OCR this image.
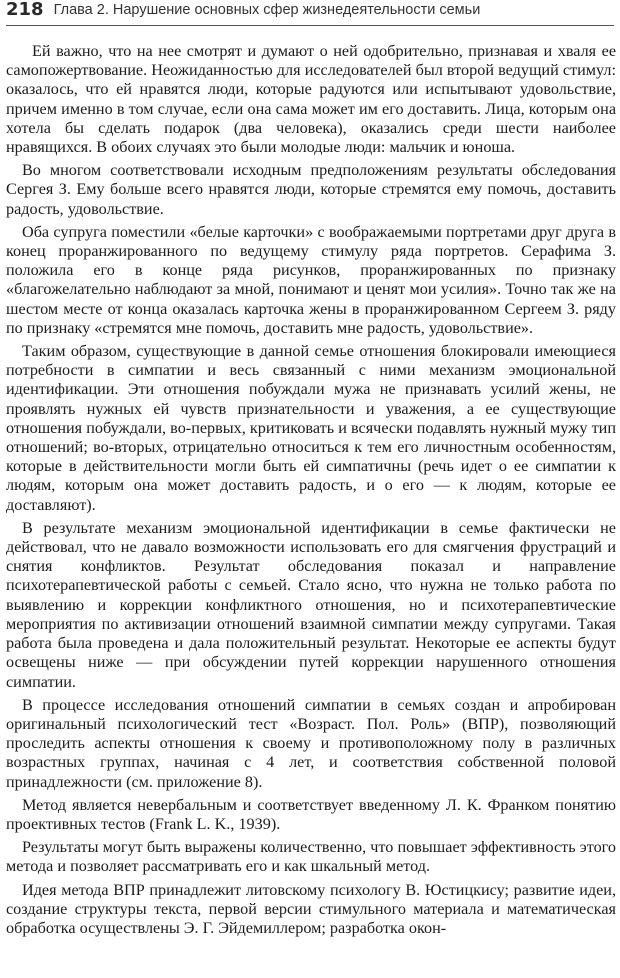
218 Глава 2. Нарушение основных сфер жизнедеятельности семьи

Ей важно, что на нее смотрят и думают о ней одобрительно, признавая и хваля ее самопожертвование. Неожиданностью для исследователей был второй ведущий стимул: оказалось, что ей нравятся люди, которые радуются или испытывают удовольствие, причем именно в том случае, если она сама может им его доставить. Лица, которым она хотела бы сделать подарок (два человека), оказались среди шести наиболее нравящихся. В обоих случаях это были молодые люди: мальчик и юноша.

Во многом соответствовали исходным предположениям результаты обследования Сергея З. Ему больше всего нравятся люди, которые стремятся ему помочь, доставить радость, удовольствие.

Оба супруга поместили «белые карточки» с воображаемыми портретами друг друга в конец проранжированного по ведущему стимулу ряда портретов. Серафима З. положила его в конце ряда рисунков, проранжированных по признаку «благожелательно наблюдают за мной, понимают и ценят мои усилия». Точно так же на шестом месте от конца оказалась карточка жены в проранжированном Сергеем З. ряду по признаку «стремятся мне помочь, доставить мне радость, удовольствие».

Таким образом, существующие в данной семье отношения блокировали имеющиеся потребности в симпатии и весь связанный с ними механизм эмоциональной идентификации. Эти отношения побуждали мужа не признавать усилий жены, не проявлять нужных ей чувств признательности и уважения, а ее существующие отношения побуждали, во-первых, критиковать и всячески подавлять нужный мужу тип отношений; во-вторых, отрицательно относиться к тем его личностным особенностям, которые в действительности могли быть ей симпатичны (речь идет о ее симпатии к людям, которым она может доставить радость, и о его — к людям, которые ее доставляют).

В результате механизм эмоциональной идентификации в семье фактически не действовал, что не давало возможности использовать его для смягчения фрустраций и снятия конфликтов. Результат обследования показал и направление психотерапевтической работы с семьей. Стало ясно, что нужна не только работа по выявлению и коррекции конфликтного отношения, но и психотерапевтические мероприятия по активизации отношений взаимной симпатии между супругами. Такая работа была проведена и дала положительный результат. Некоторые ее аспекты будут освещены ниже — при обсуждении путей коррекции нарушенного отношения симпатии.

В процессе исследования отношений симпатии в семьях создан и апробирован оригинальный психологический тест «Возраст. Пол. Роль» (ВПР), позволяющий проследить аспекты отношения к своему и противоположному полу в различных возрастных группах, начиная с 4 лет, и соответствия собственной половой принадлежности (см. приложение 8).

Метод является невербальным и соответствует введенному Л. К. Франком понятию проективных тестов (Frank L. K., 1939).

Результаты могут быть выражены количественно, что повышает эффективность этого метода и позволяет рассматривать его и как шкальный метод.

Идея метода ВПР принадлежит литовскому психологу В. Юстицкису; развитие идеи, создание структуры текста, первой версии стимульного материала и математическая обработка осуществлены Э. Г. Эйдемиллером; разработка окон-
